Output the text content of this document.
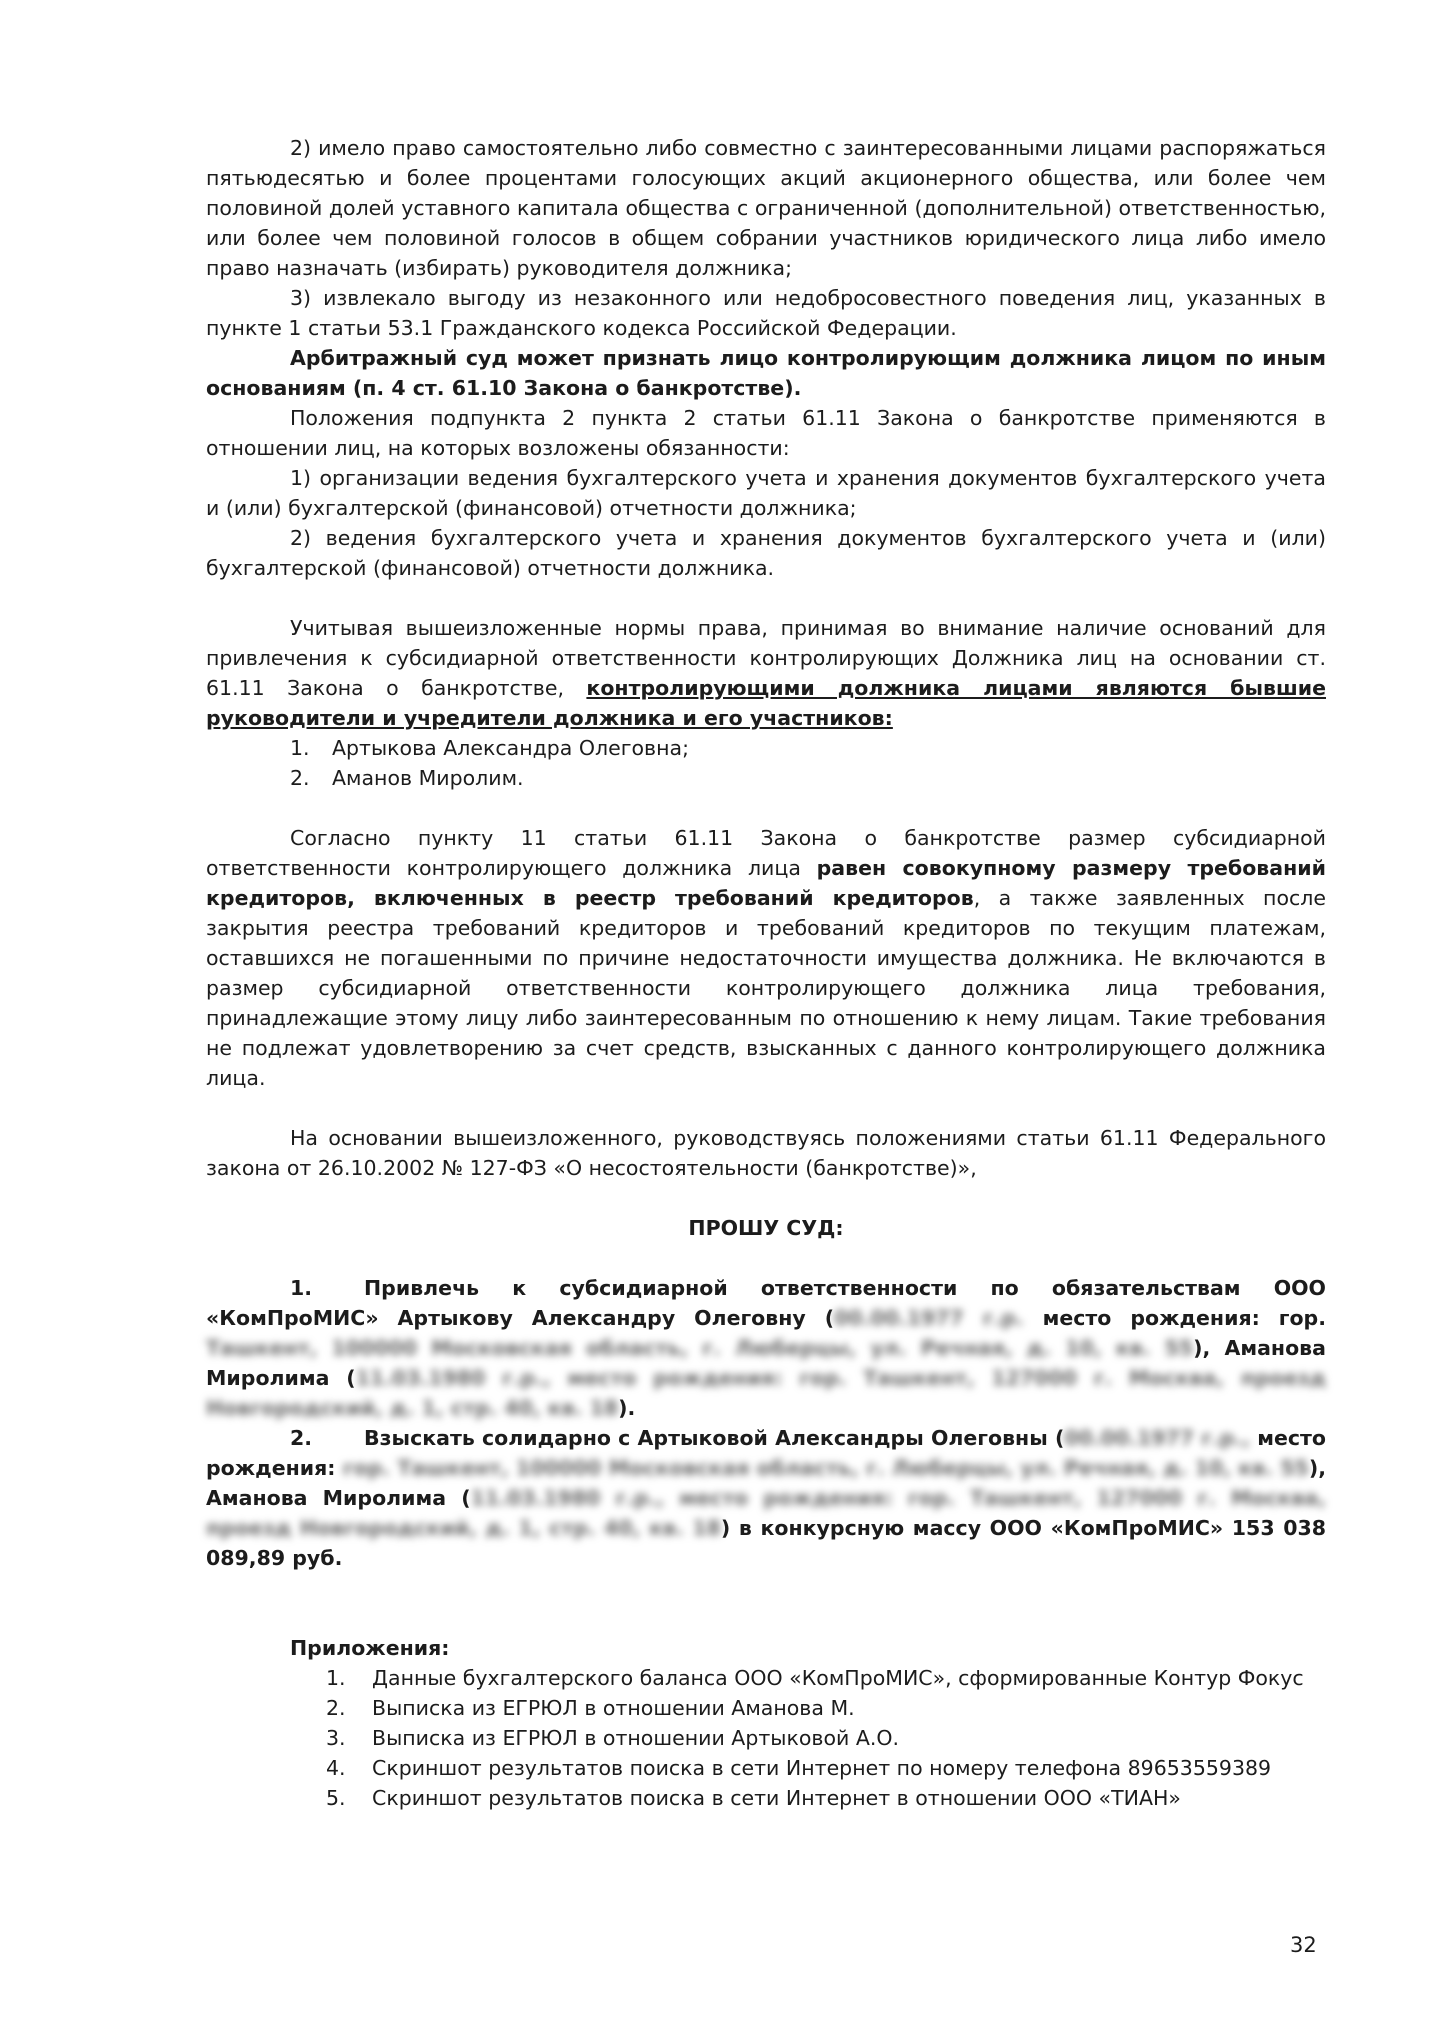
2) имело право самостоятельно либо совместно с заинтересованными лицами распоряжаться пятьюдесятью и более процентами голосующих акций акционерного общества, или более чем половиной долей уставного капитала общества с ограниченной (дополнительной) ответственностью, или более чем половиной голосов в общем собрании участников юридического лица либо имело право назначать (избирать) руководителя должника;

3) извлекало выгоду из незаконного или недобросовестного поведения лиц, указанных в пункте 1 статьи 53.1 Гражданского кодекса Российской Федерации.

Арбитражный суд может признать лицо контролирующим должника лицом по иным основаниям (п. 4 ст. 61.10 Закона о банкротстве).

Положения подпункта 2 пункта 2 статьи 61.11 Закона о банкротстве применяются в отношении лиц, на которых возложены обязанности:

1) организации ведения бухгалтерского учета и хранения документов бухгалтерского учета и (или) бухгалтерской (финансовой) отчетности должника;

2) ведения бухгалтерского учета и хранения документов бухгалтерского учета и (или) бухгалтерской (финансовой) отчетности должника.

Учитывая вышеизложенные нормы права, принимая во внимание наличие оснований для привлечения к субсидиарной ответственности контролирующих Должника лиц на основании ст. 61.11 Закона о банкротстве, контролирующими должника лицами являются бывшие руководители и учредители должника и его участников:

1. Артыкова Александра Олеговна;

2. Аманов Миролим.

Согласно пункту 11 статьи 61.11 Закона о банкротстве размер субсидиарной ответственности контролирующего должника лица равен совокупному размеру требований кредиторов, включенных в реестр требований кредиторов, а также заявленных после закрытия реестра требований кредиторов и требований кредиторов по текущим платежам, оставшихся не погашенными по причине недостаточности имущества должника. Не включаются в размер субсидиарной ответственности контролирующего должника лица требования, принадлежащие этому лицу либо заинтересованным по отношению к нему лицам. Такие требования не подлежат удовлетворению за счет средств, взысканных с данного контролирующего должника лица.

На основании вышеизложенного, руководствуясь положениями статьи 61.11 Федерального закона от 26.10.2002 № 127-ФЗ «О несостоятельности (банкротстве)»,

ПРОШУ СУД:

1.	Привлечь к субсидиарной ответственности по обязательствам ООО «КомПроМИС» Артыкову Александру Олеговну (00.00.1977 г.р. место рождения: гор. Ташкент, 100000 Московская область, г. Люберцы, ул. Речная, д. 10, кв. 55), Аманова Миролима (11.03.1980 г.р., место рождения: гор. Ташкент, 127000 г. Москва, проезд Новгородский, д. 1, стр. 40, кв. 18).

2.	Взыскать солидарно с Артыковой Александры Олеговны (00.00.1977 г.р., место рождения: гор. Ташкент, 100000 Московская область, г. Люберцы, ул. Речная, д. 10, кв. 55), Аманова Миролима (11.03.1980 г.р., место рождения: гор. Ташкент, 127000 г. Москва, проезд Новгородский, д. 1, стр. 40, кв. 18) в конкурсную массу ООО «КомПроМИС» 153 038 089,89 руб.

Приложения:

1. Данные бухгалтерского баланса ООО «КомПроМИС», сформированные Контур Фокус

2. Выписка из ЕГРЮЛ в отношении Аманова М.

3. Выписка из ЕГРЮЛ в отношении Артыковой А.О.

4. Скриншот результатов поиска в сети Интернет по номеру телефона 89653559389

5. Скриншот результатов поиска в сети Интернет в отношении ООО «ТИАН»

32
